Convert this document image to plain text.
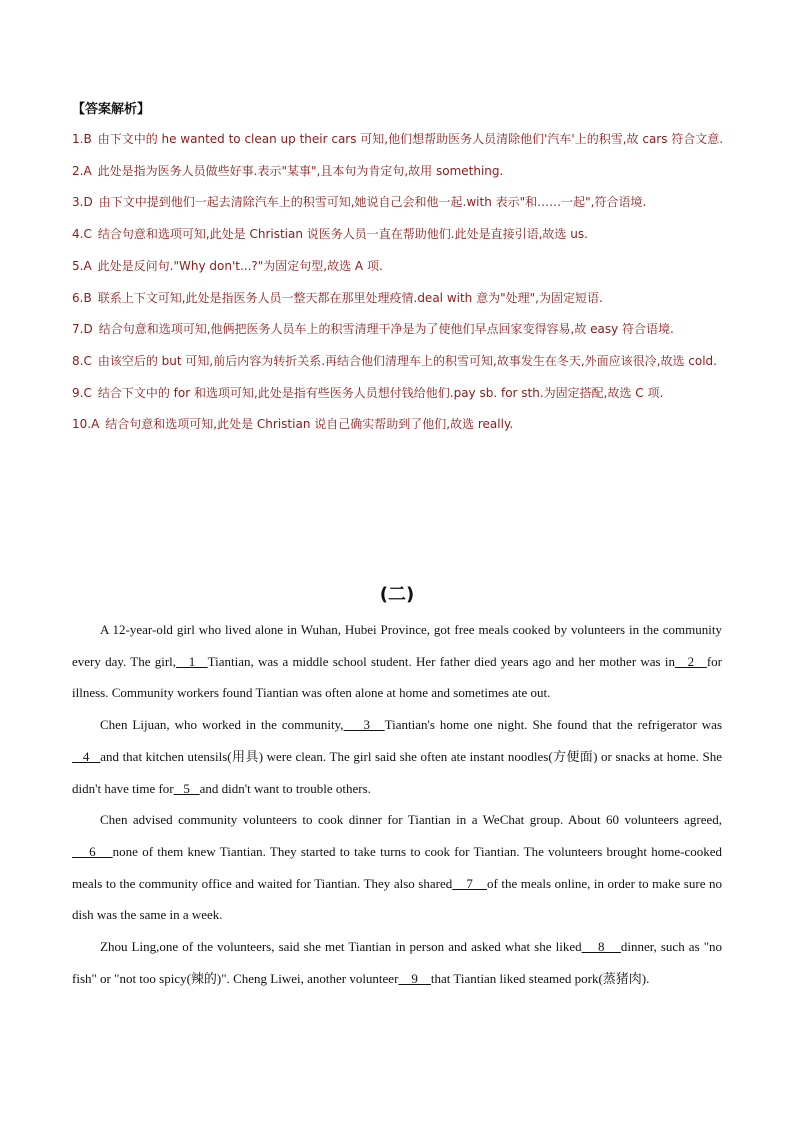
【答案解析】
1.B 由下文中的 he wanted to clean up their cars 可知,他们想帮助医务人员清除他们'汽车'上的积雪,故 cars 符合文意.
2.A 此处是指为医务人员做些好事.表示"某事",且本句为肯定句,故用 something.
3.D 由下文中提到他们一起去清除汽车上的积雪可知,她说自己会和他一起.with 表示"和……一起",符合语境.
4.C 结合句意和选项可知,此处是 Christian 说医务人员一直在帮助他们.此处是直接引语,故选 us.
5.A 此处是反问句."Why don't...?"为固定句型,故选 A 项.
6.B 联系上下文可知,此处是指医务人员一整天都在那里处理疫情.deal with 意为"处理",为固定短语.
7.D 结合句意和选项可知,他俩把医务人员车上的积雪清理干净是为了使他们早点回家变得容易,故 easy 符合语境.
8.C 由该空后的 but 可知,前后内容为转折关系.再结合他们清理车上的积雪可知,故事发生在冬天,外面应该很冷,故选 cold.
9.C 结合下文中的 for 和选项可知,此处是指有些医务人员想付钱给他们.pay sb. for sth.为固定搭配,故选 C 项.
10.A 结合句意和选项可知,此处是 Christian 说自己确实帮助到了他们,故选 really.
(二)

A 12-year-old girl who lived alone in Wuhan, Hubei Province, got free meals cooked by volunteers in the community every day. The girl,   1   Tiantian, was a middle school student. Her father died years ago and her mother was in   2   for illness. Community workers found Tiantian was often alone at home and sometimes ate out.

Chen Lijuan, who worked in the community,    3   Tiantian's home one night. She found that the refrigerator was   4   and that kitchen utensils(用具) were clean. The girl said she often ate instant noodles(方便面) or snacks at home. She didn't have time for   5   and didn't want to trouble others.

Chen advised community volunteers to cook dinner for Tiantian in a WeChat group. About 60 volunteers agreed,    6    none of them knew Tiantian. They started to take turns to cook for Tiantian. The volunteers brought home-cooked meals to the community office and waited for Tiantian. They also shared    7    of the meals online, in order to make sure no dish was the same in a week.

Zhou Ling,one of the volunteers, said she met Tiantian in person and asked what she liked    8    dinner, such as "no fish" or "not too spicy(辣的)". Cheng Liwei, another volunteer    9    that Tiantian liked steamed pork(蒸猪肉).
